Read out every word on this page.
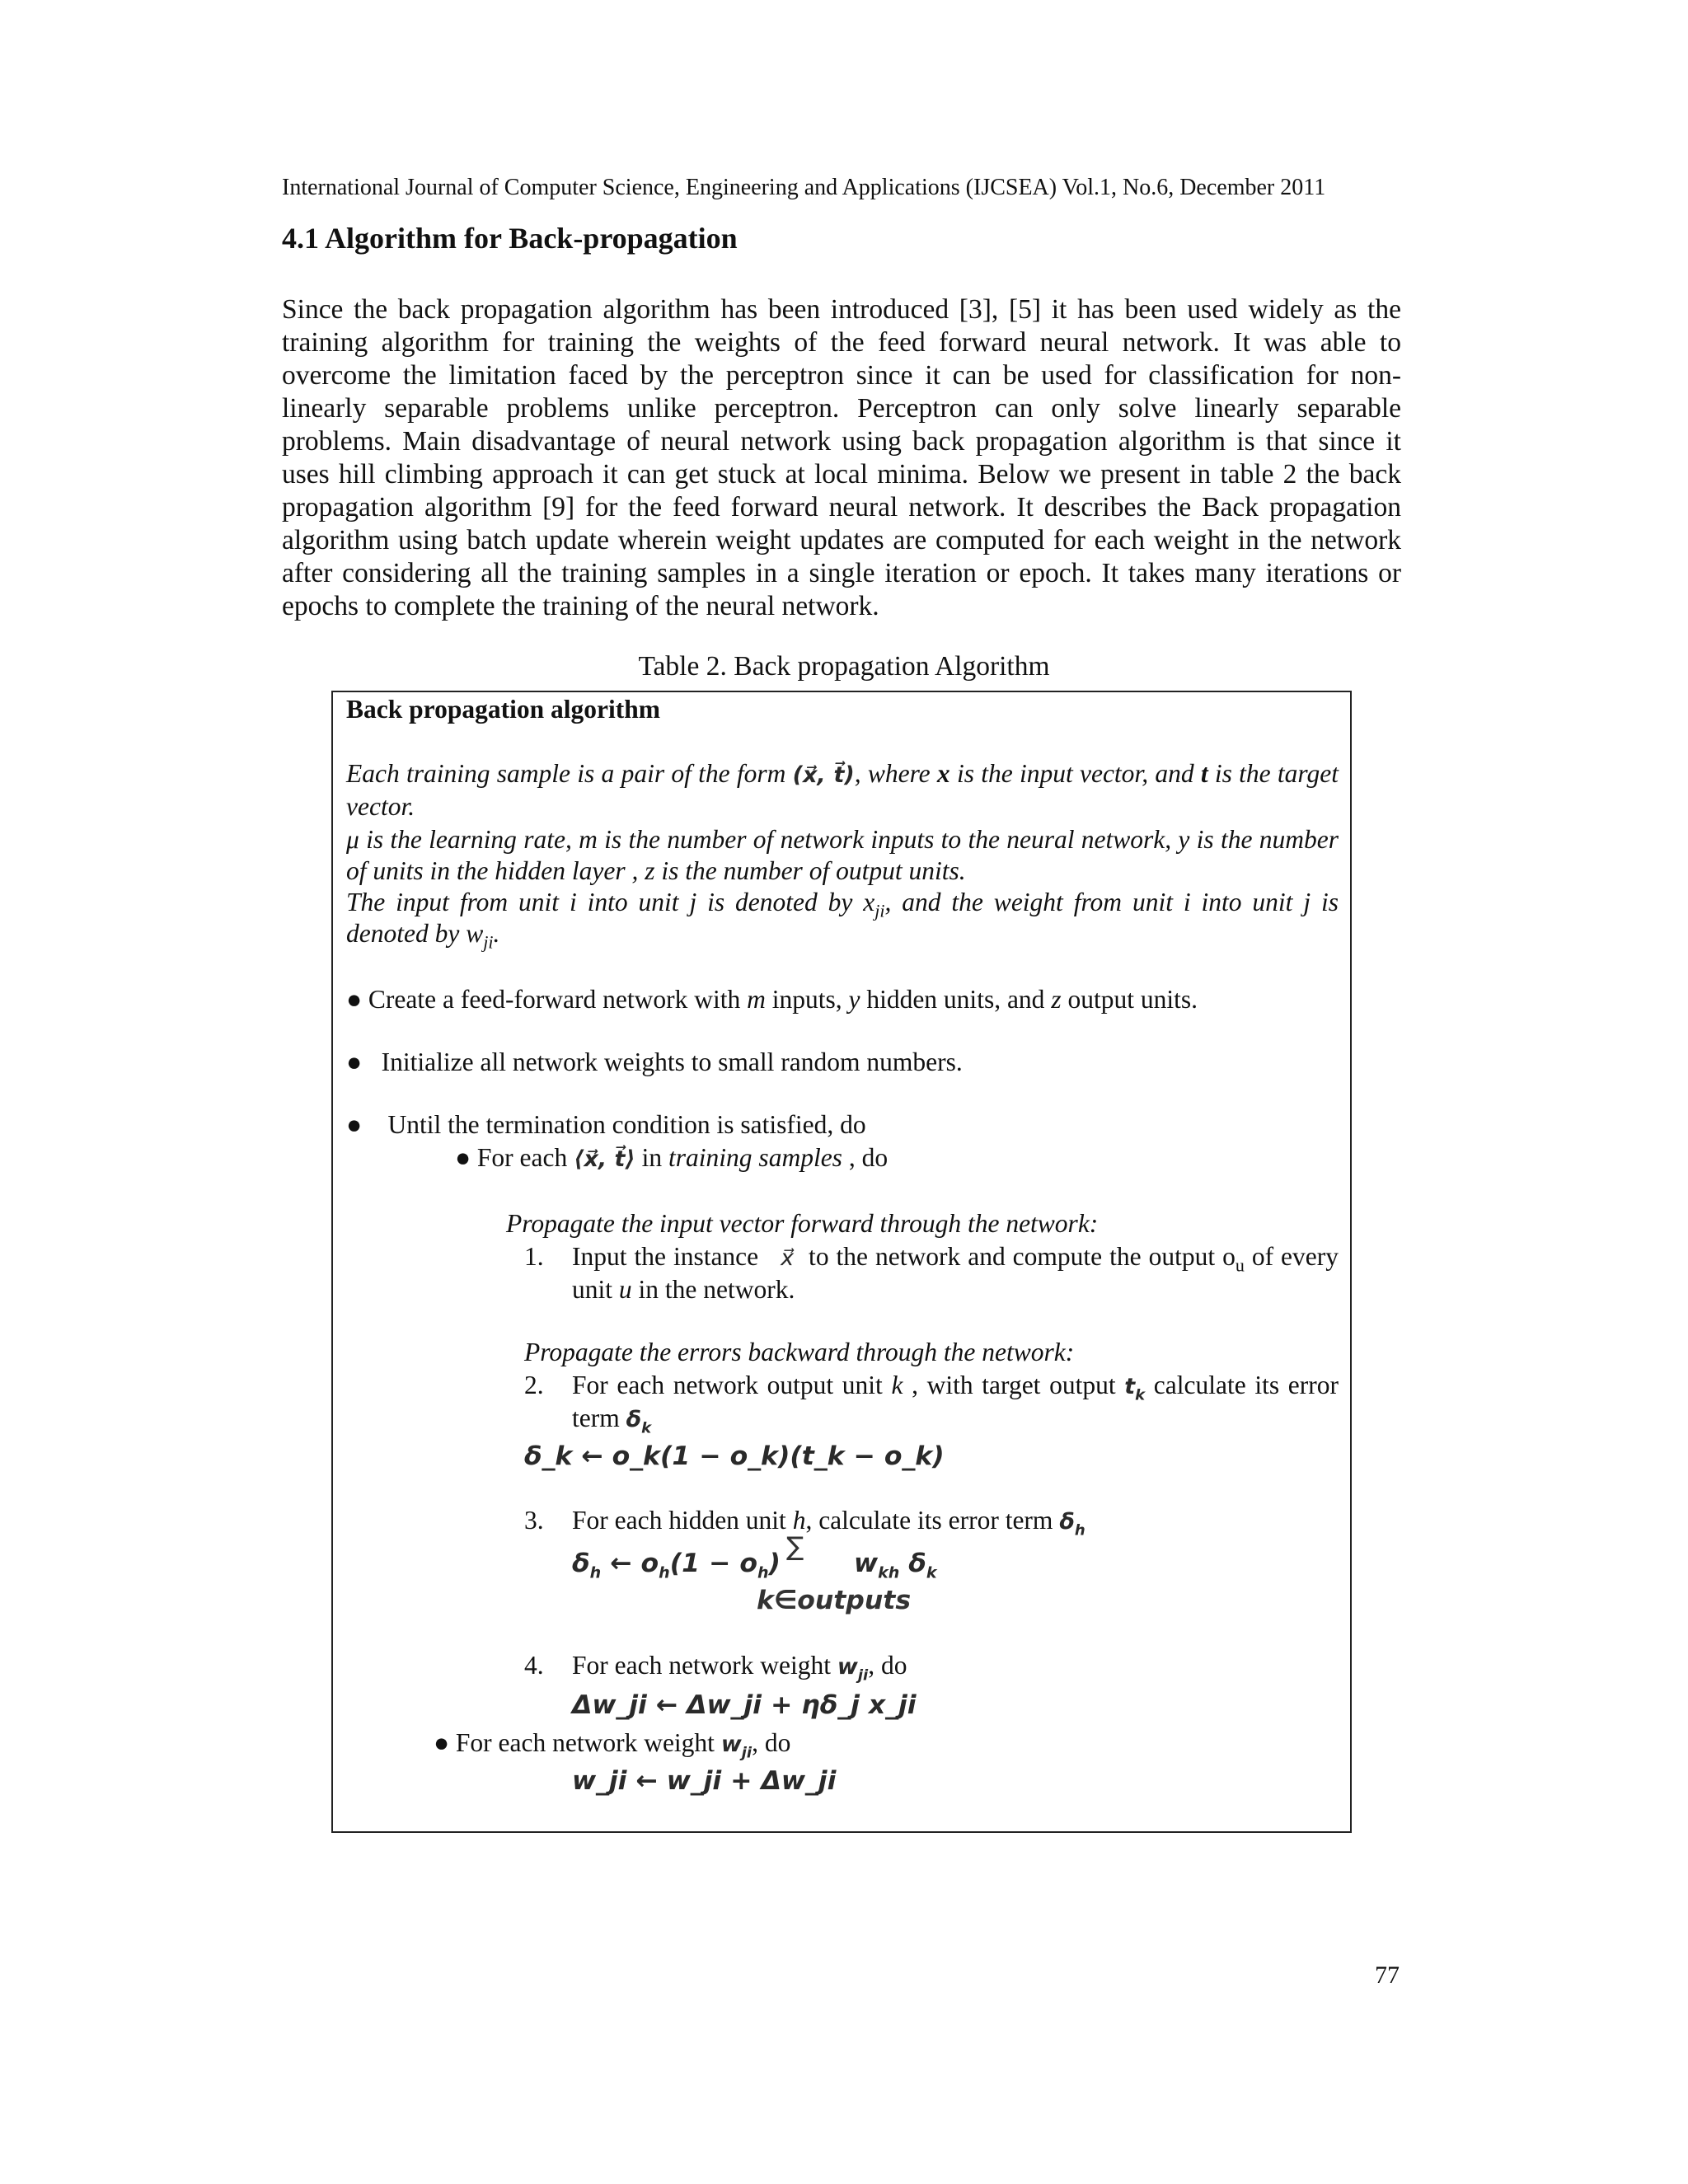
International Journal of Computer Science, Engineering and Applications (IJCSEA) Vol.1, No.6, December 2011
4.1 Algorithm for Back-propagation

Since the back propagation algorithm has been introduced [3], [5] it has been used widely as the training algorithm for training the weights of the feed forward neural network. It was able to overcome the limitation faced by the perceptron since it can be used for classification for non-linearly separable problems unlike perceptron. Perceptron can only solve linearly separable problems. Main disadvantage of neural network using back propagation algorithm is that since it uses hill climbing approach it can get stuck at local minima. Below we present in table 2 the back propagation algorithm [9] for the feed forward neural network. It describes the Back propagation algorithm using batch update wherein weight updates are computed for each weight in the network after considering all the training samples in a single iteration or epoch. It takes many iterations or epochs to complete the training of the neural network.

Table 2. Back propagation Algorithm
Back propagation algorithm
Each training sample is a pair of the form (x⃗, t⃗), where x is the input vector, and t is the target vector.
μ is the learning rate, m is the number of network inputs to the neural network, y is the number of units in the hidden layer , z is the number of output units.
The input from unit i into unit j is denoted by $x_{ji}$, and the weight from unit i into unit j is denoted by $w_{ji}$.
● Create a feed-forward network with m inputs, y hidden units, and z output units.
● Initialize all network weights to small random numbers.
● Until the termination condition is satisfied, do
● For each ⟨x⃗, t⃗⟩ in training samples , do
Propagate the input vector forward through the network:
1. Input the instance   x⃗  to the network and compute the output $o_u$ of every unit u in the network.
Propagate the errors backward through the network:
2. For each network output unit k , with target output $t_k$ calculate its error term $\delta_k$
δ_k ← o_k(1 − o_k)(t_k − o_k)
3. For each hidden unit h, calculate its error term $\delta_h$
$\delta_h$ ← $o_h(1 - o_h)$
∑
k∈outputs
$w_{kh}$ $\delta_k$
4. For each network weight $w_{ji}$, do
Δw_ji ← Δw_ji + ηδ_j x_ji
● For each network weight $w_{ji}$, do
w_ji ← w_ji + Δw_ji
77
